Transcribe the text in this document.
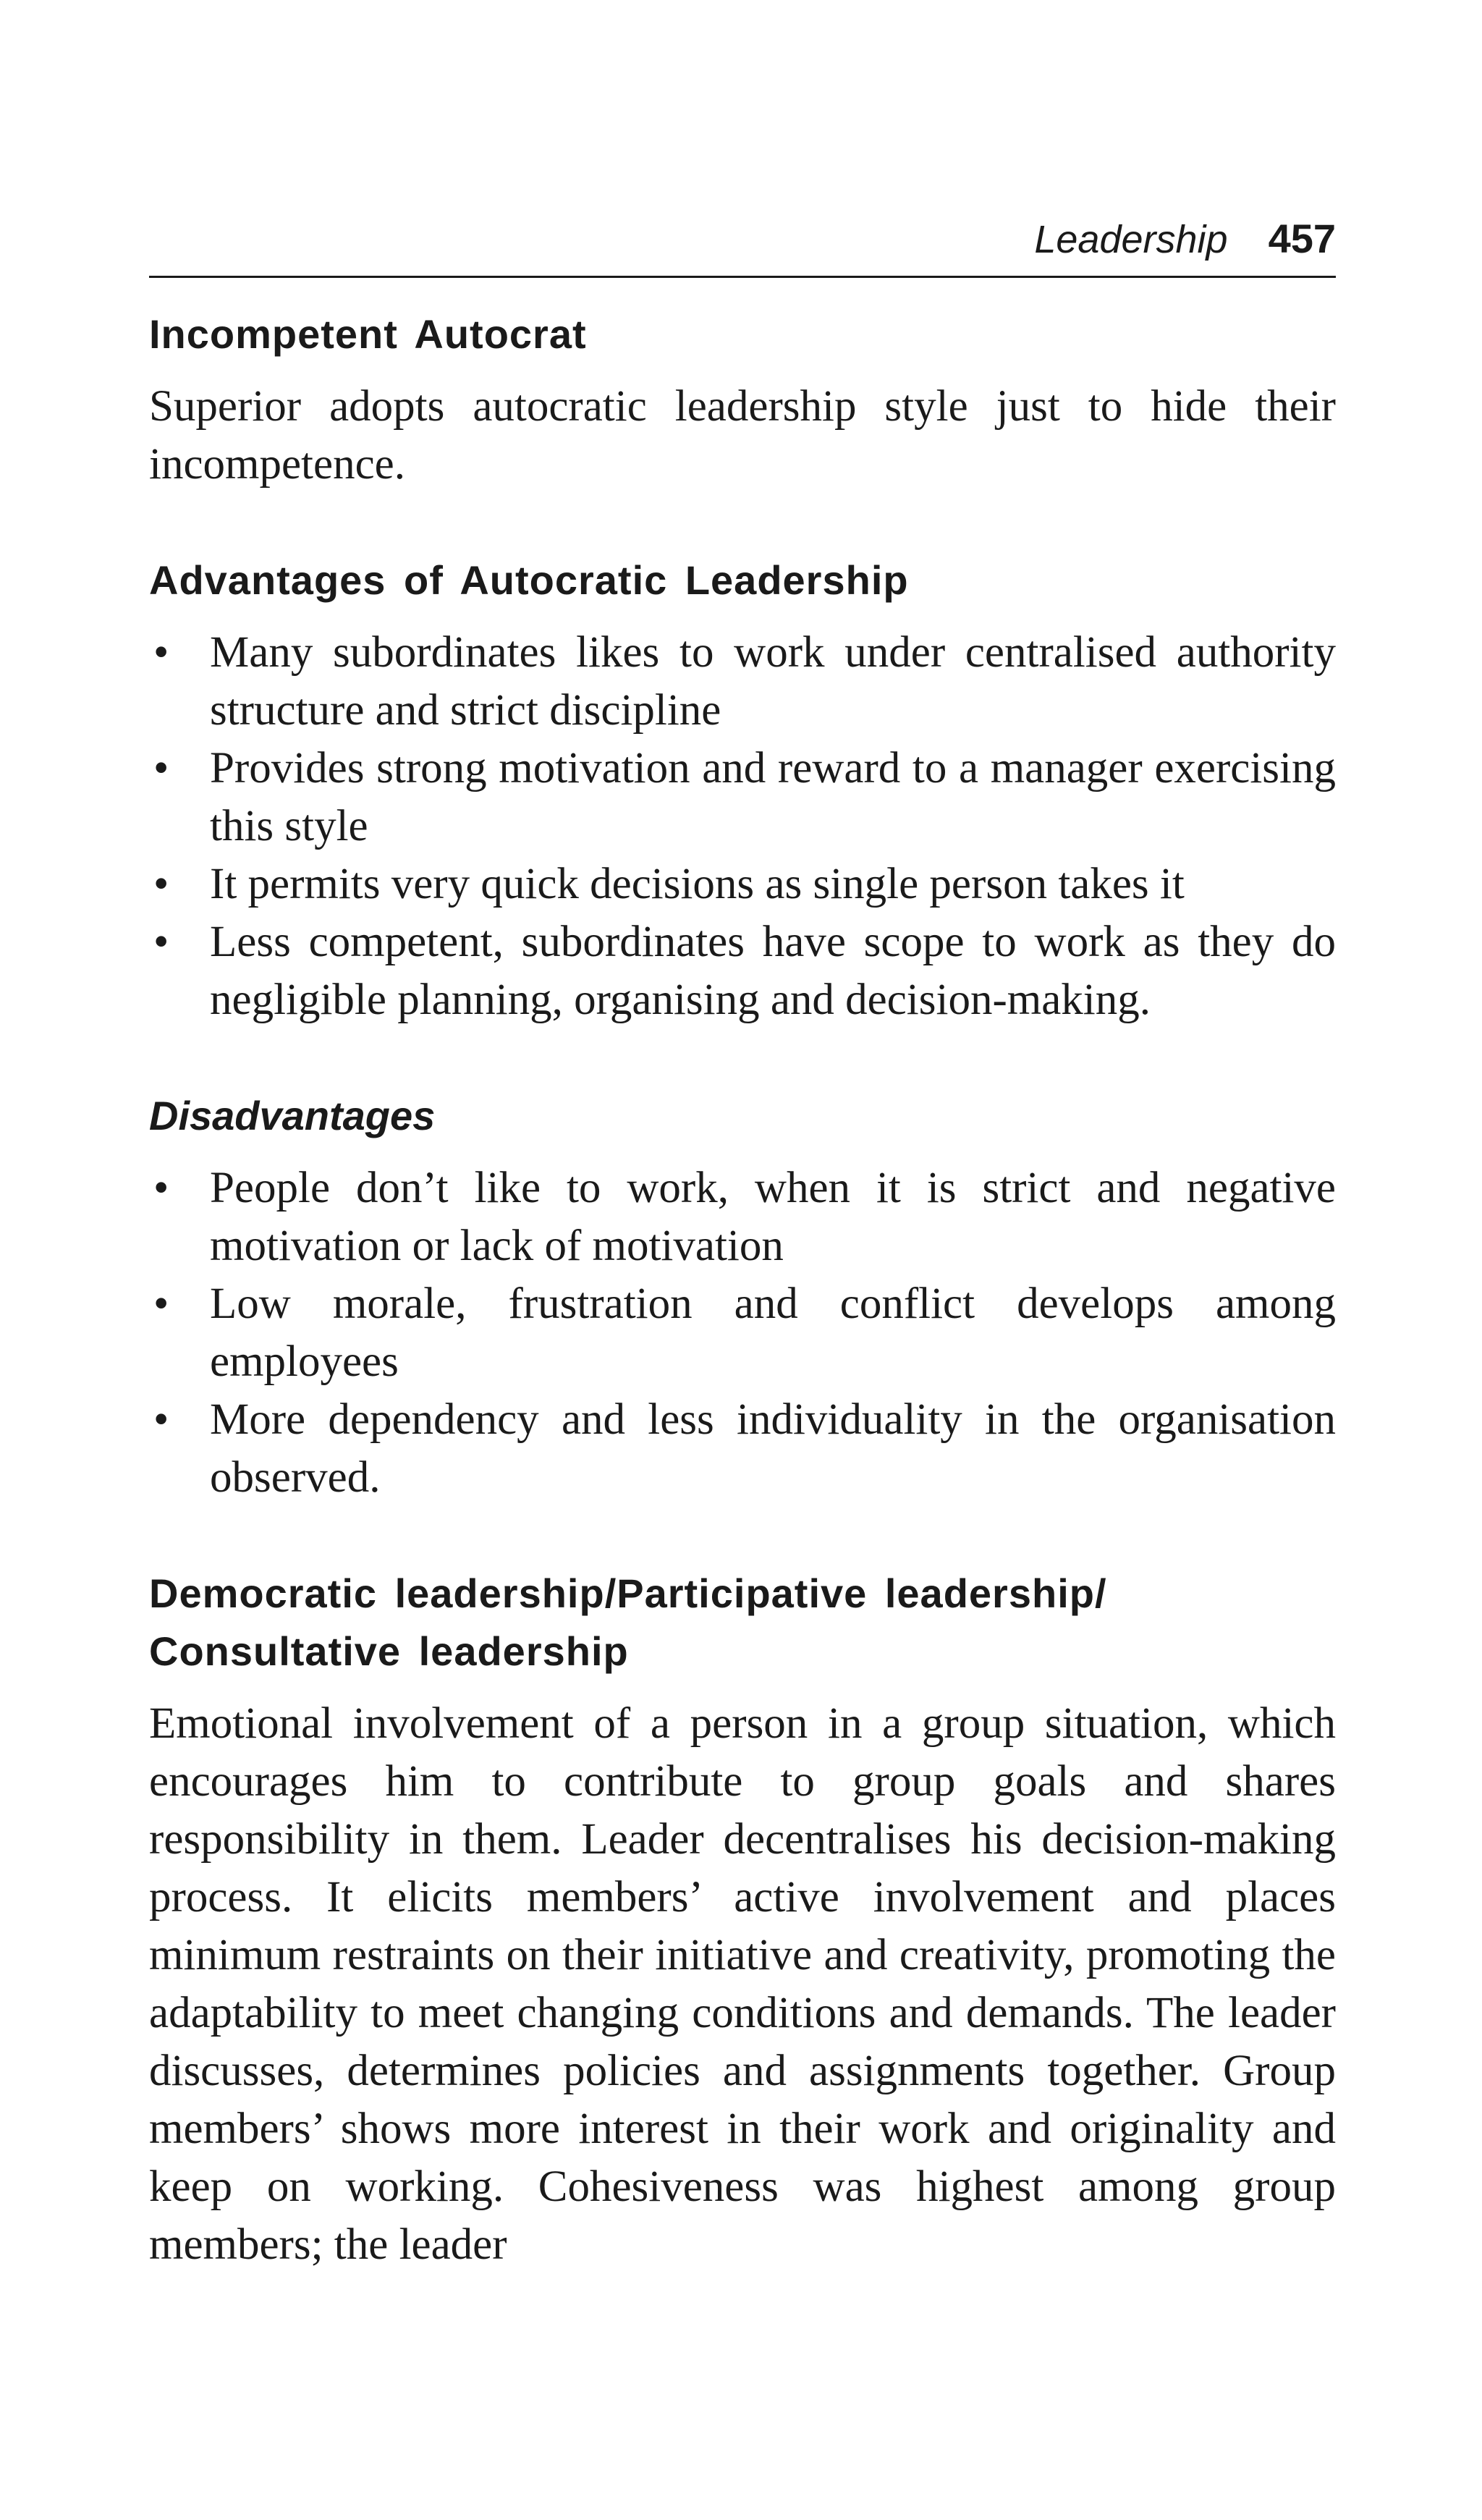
Leadership 457
Incompetent Autocrat

Superior adopts autocratic leadership style just to hide their incompetence.

Advantages of Autocratic Leadership
• Many subordinates likes to work under centralised authority structure and strict discipline
• Provides strong motivation and reward to a manager exercising this style
• It permits very quick decisions as single person takes it
• Less competent, subordinates have scope to work as they do negligible planning, organising and decision-making.
Disadvantages
• People don’t like to work, when it is strict and negative motivation or lack of motivation
• Low morale, frustration and conflict develops among employees
• More dependency and less individuality in the organisation observed.
Democratic leadership/Participative leadership/
Consultative leadership

Emotional involvement of a person in a group situation, which encourages him to contribute to group goals and shares responsibility in them. Leader decentralises his decision-making process. It elicits members’ active involvement and places minimum restraints on their initiative and creativity, promoting the adaptability to meet changing conditions and demands. The leader discusses, determines policies and assignments together. Group members’ shows more interest in their work and originality and keep on working. Cohesiveness was highest among group members; the leader
